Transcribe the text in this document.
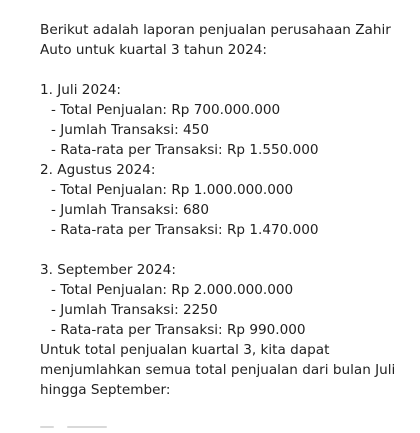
Berikut adalah laporan penjualan perusahaan Zahir
Auto untuk kuartal 3 tahun 2024:
1. Juli 2024:
- Total Penjualan: Rp 700.000.000
- Jumlah Transaksi: 450
- Rata-rata per Transaksi: Rp 1.550.000
2. Agustus 2024:
- Total Penjualan: Rp 1.000.000.000
- Jumlah Transaksi: 680
- Rata-rata per Transaksi: Rp 1.470.000
3. September 2024:
- Total Penjualan: Rp 2.000.000.000
- Jumlah Transaksi: 2250
- Rata-rata per Transaksi: Rp 990.000
Untuk total penjualan kuartal 3, kita dapat
menjumlahkan semua total penjualan dari bulan Juli
hingga September:
